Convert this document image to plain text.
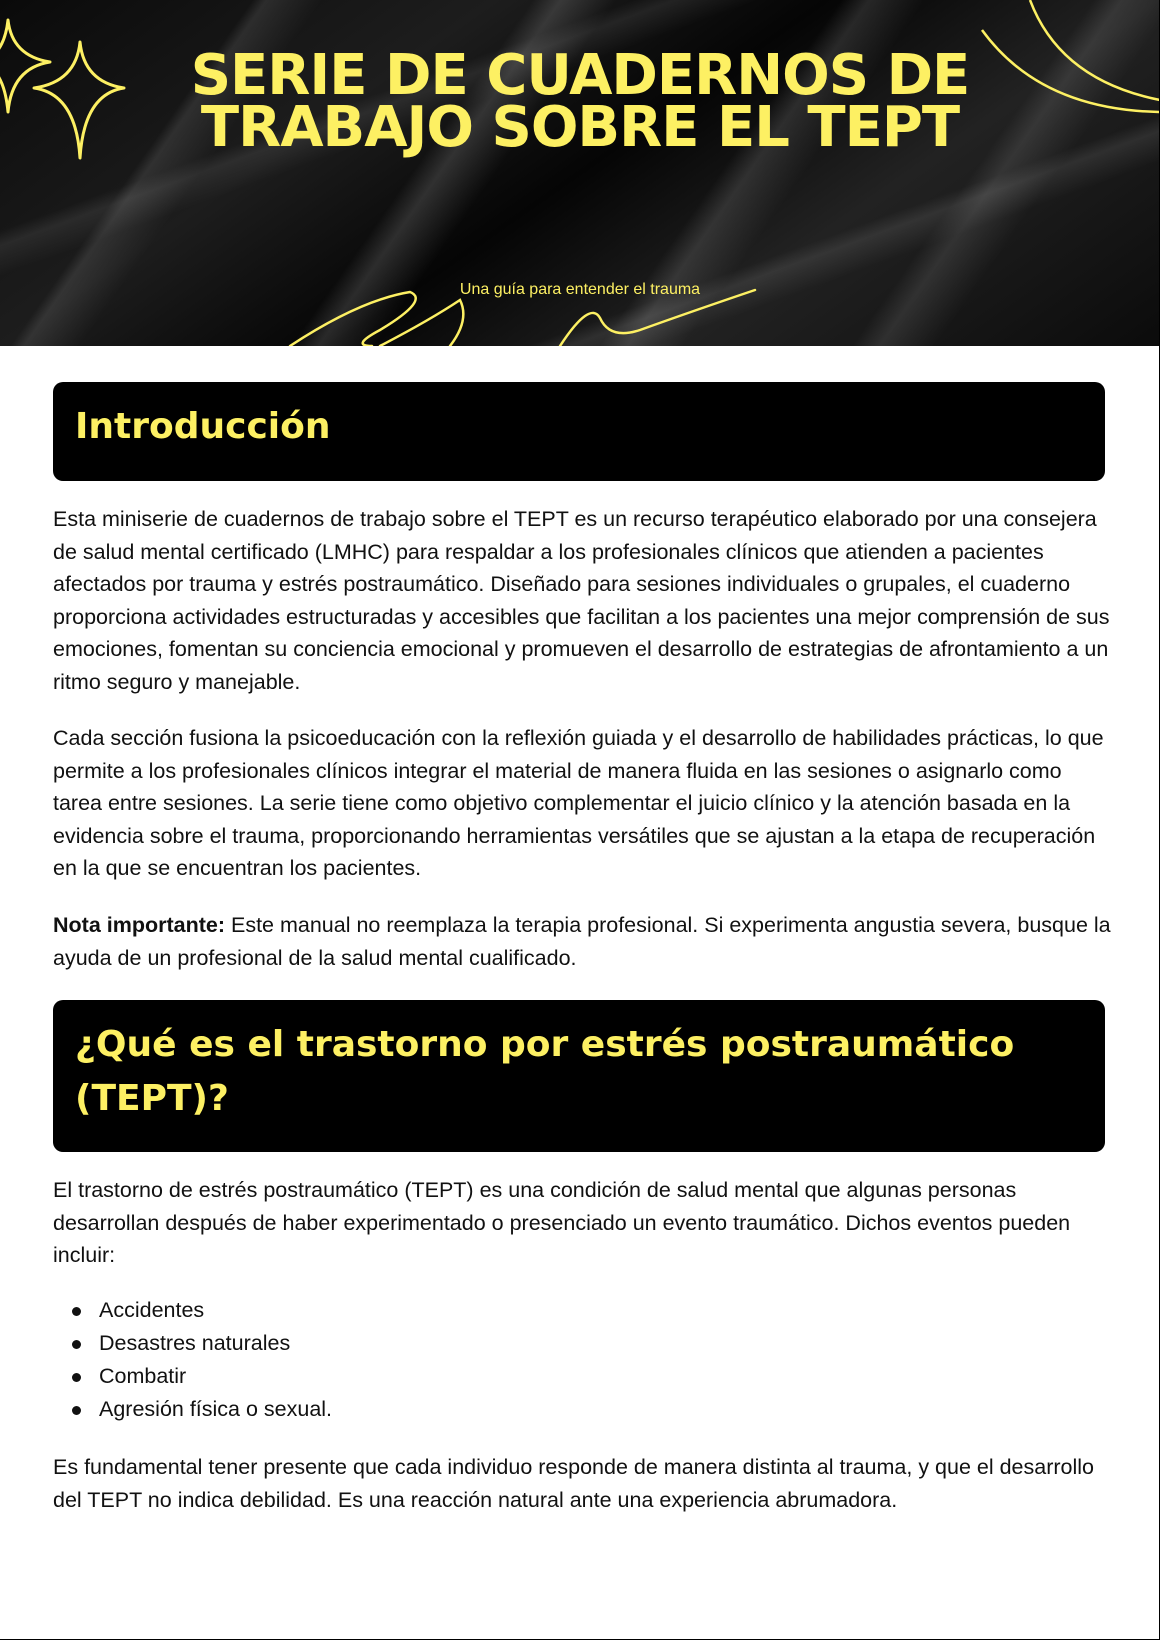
SERIE DE CUADERNOS DE TRABAJO SOBRE EL TEPT
Una guía para entender el trauma
Introducción

Esta miniserie de cuadernos de trabajo sobre el TEPT es un recurso terapéutico elaborado por una consejera de salud mental certificado (LMHC) para respaldar a los profesionales clínicos que atienden a pacientes afectados por trauma y estrés postraumático. Diseñado para sesiones individuales o grupales, el cuaderno proporciona actividades estructuradas y accesibles que facilitan a los pacientes una mejor comprensión de sus emociones, fomentan su conciencia emocional y promueven el desarrollo de estrategias de afrontamiento a un ritmo seguro y manejable.

Cada sección fusiona la psicoeducación con la reflexión guiada y el desarrollo de habilidades prácticas, lo que permite a los profesionales clínicos integrar el material de manera fluida en las sesiones o asignarlo como tarea entre sesiones. La serie tiene como objetivo complementar el juicio clínico y la atención basada en la evidencia sobre el trauma, proporcionando herramientas versátiles que se ajustan a la etapa de recuperación en la que se encuentran los pacientes.

Nota importante: Este manual no reemplaza la terapia profesional. Si experimenta angustia severa, busque la ayuda de un profesional de la salud mental cualificado.

¿Qué es el trastorno por estrés postraumático (TEPT)?

El trastorno de estrés postraumático (TEPT) es una condición de salud mental que algunas personas desarrollan después de haber experimentado o presenciado un evento traumático. Dichos eventos pueden incluir:

Accidentes
Desastres naturales
Combatir
Agresión física o sexual.

Es fundamental tener presente que cada individuo responde de manera distinta al trauma, y que el desarrollo del TEPT no indica debilidad. Es una reacción natural ante una experiencia abrumadora.
